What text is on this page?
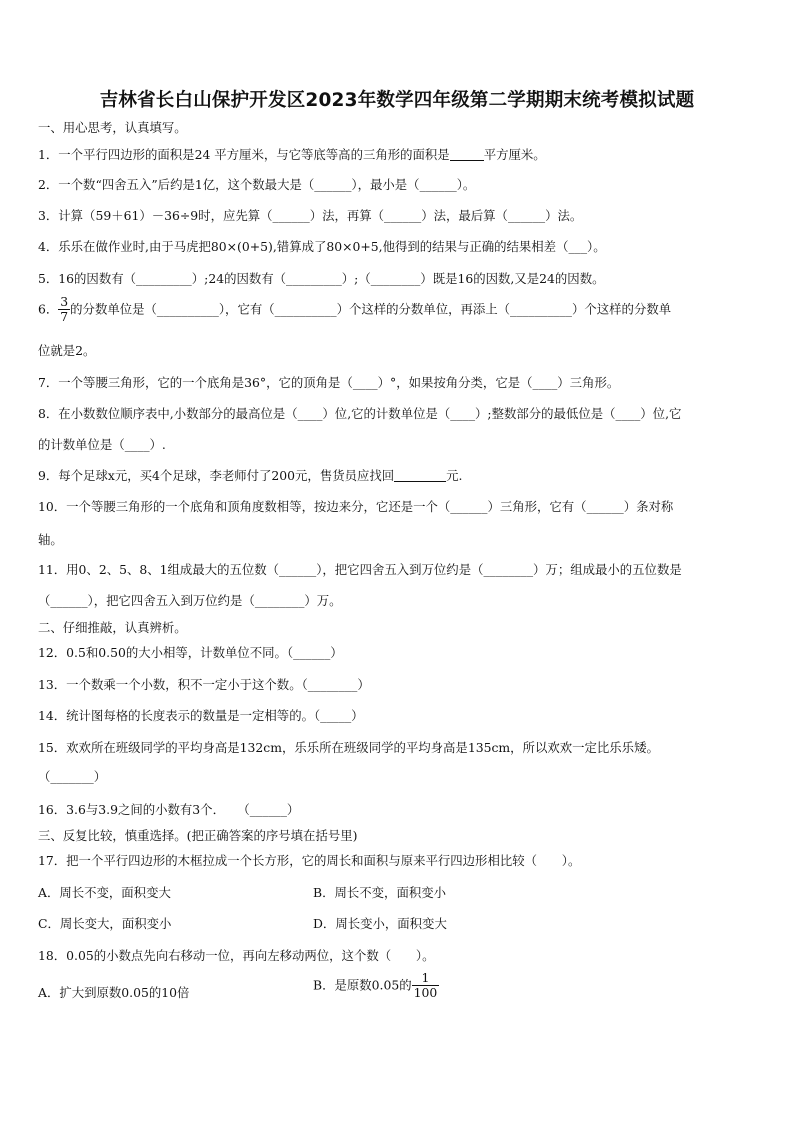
吉林省长白山保护开发区2023年数学四年级第二学期期末统考模拟试题
一、用心思考，认真填写。
1．一个平行四边形的面积是24 平方厘米，与它等底等高的三角形的面积是	平方厘米。
2．一个数“四舍五入”后约是1亿，这个数最大是（______），最小是（______）。
3．计算（59＋61）－36÷9时，应先算（______）法，再算（______）法，最后算（______）法。
4．乐乐在做作业时,由于马虎把80×(0+5),错算成了80×0+5,他得到的结果与正确的结果相差（___）。
5．16的因数有（_________）;24的因数有（_________）;（________）既是16的因数,又是24的因数。
6． $\frac{3}{7}$ 的分数单位是（__________），它有（__________）个这样的分数单位，再添上（__________）个这样的分数单
位就是2。
7．一个等腰三角形，它的一个底角是36°，它的顶角是（____）°，如果按角分类，它是（____）三角形。
8．在小数数位顺序表中,小数部分的最高位是（____）位,它的计数单位是（____）;整数部分的最低位是（____）位,它
的计数单位是（____）.
9．每个足球x元，买4个足球，李老师付了200元，售货员应找回	元.
10．一个等腰三角形的一个底角和顶角度数相等，按边来分，它还是一个（______）三角形，它有（______）条对称
轴。
11．用0、2、5、8、1组成最大的五位数（______），把它四舍五入到万位约是（________）万；组成最小的五位数是
（______），把它四舍五入到万位约是（________）万。
二、仔细推敲，认真辨析。
12．0.5和0.50的大小相等，计数单位不同。（______）
13．一个数乘一个小数，积不一定小于这个数。（________）
14．统计图每格的长度表示的数量是一定相等的。（_____）
15．欢欢所在班级同学的平均身高是132cm，乐乐所在班级同学的平均身高是135cm，所以欢欢一定比乐乐矮。
（_______）
16．3.6与3.9之间的小数有3个．　　（______）
三、反复比较，慎重选择。(把正确答案的序号填在括号里)
17．把一个平行四边形的木框拉成一个长方形，它的周长和面积与原来平行四边形相比较（　　）。
A．周长不变，面积变大	B．周长不变，面积变小
C．周长变大，面积变小	D．周长变小，面积变大
18．0.05的小数点先向右移动一位，再向左移动两位，这个数（　　）。
A．扩大到原数0.05的10倍
B．是原数0.05的 $\frac{1}{100}$
